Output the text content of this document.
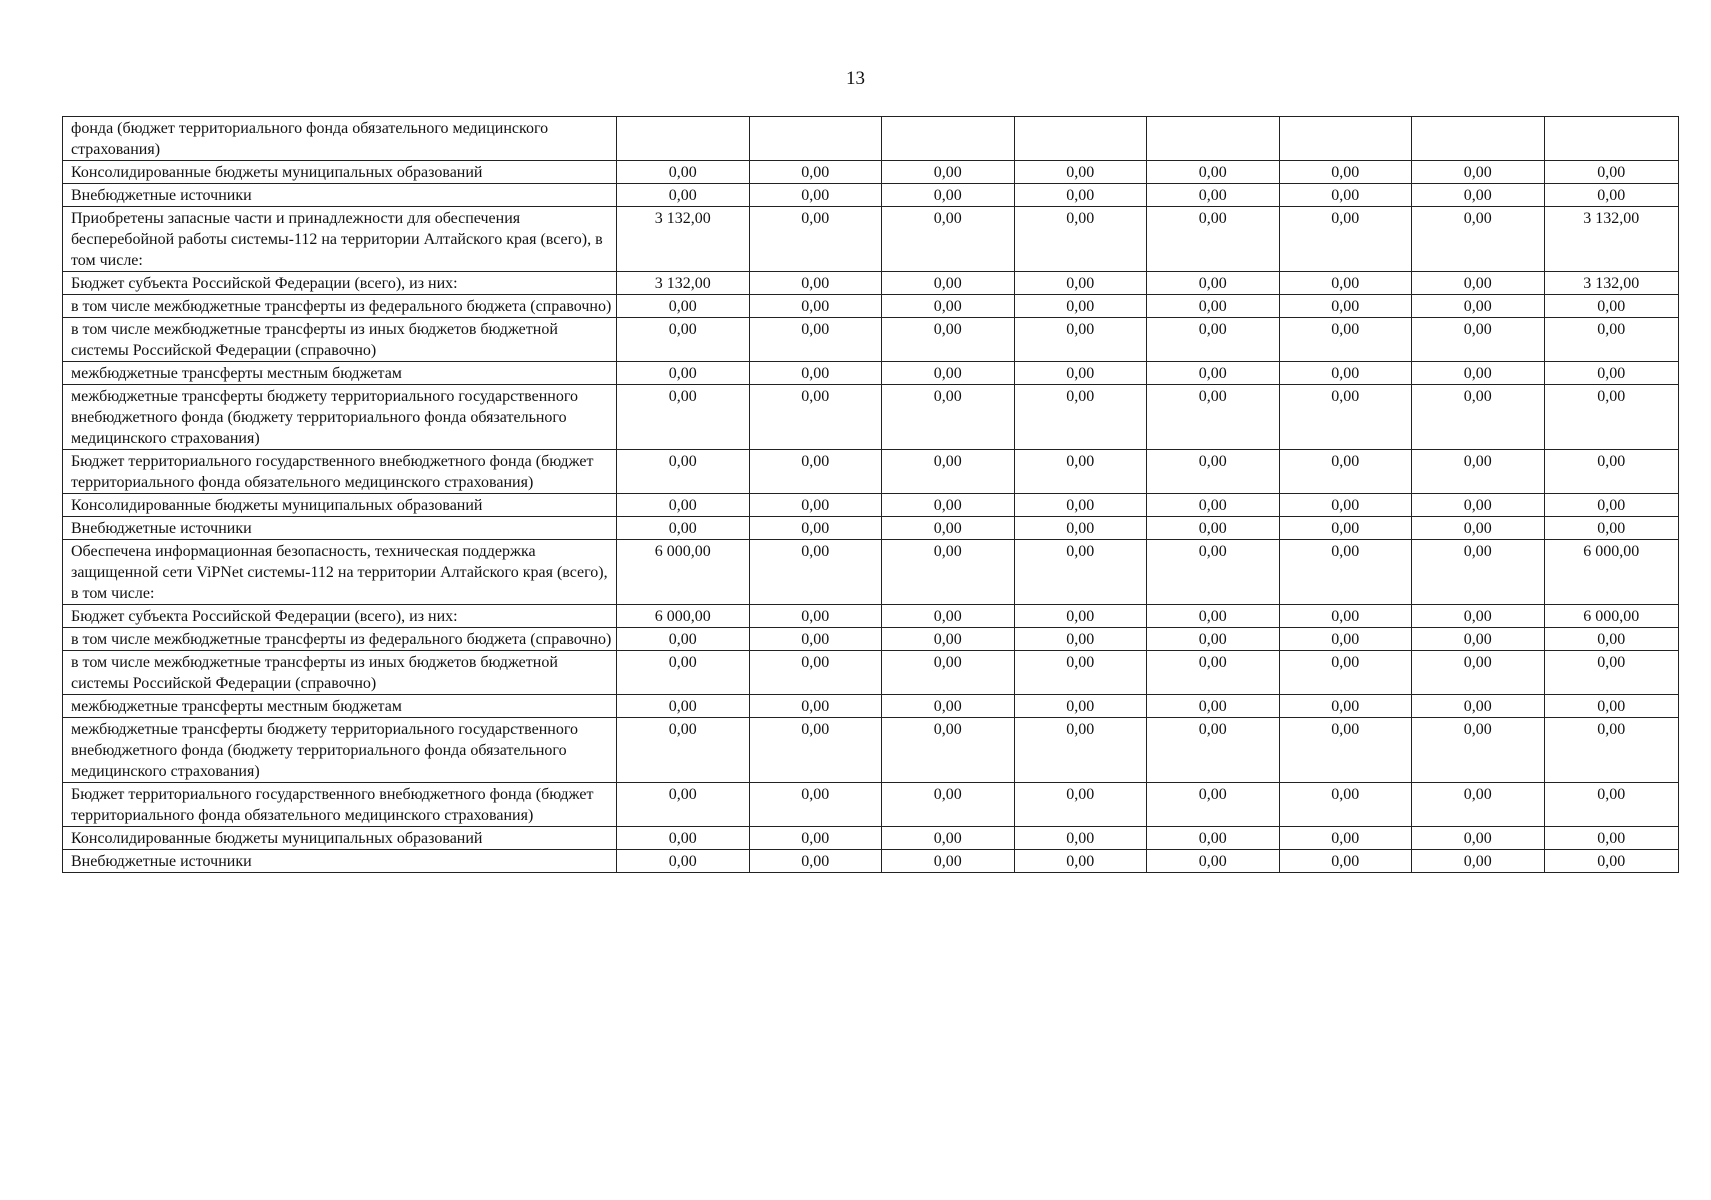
13
фонда (бюджет территориального фонда обязательного медицинского страхования)								
Консолидированные бюджеты муниципальных образований	0,00	0,00	0,00	0,00	0,00	0,00	0,00	0,00
Внебюджетные источники	0,00	0,00	0,00	0,00	0,00	0,00	0,00	0,00
Приобретены запасные части и принадлежности для обеспечения бесперебойной работы системы-112 на территории Алтайского края (всего), в том числе:	3 132,00	0,00	0,00	0,00	0,00	0,00	0,00	3 132,00
Бюджет субъекта Российской Федерации (всего), из них:	3 132,00	0,00	0,00	0,00	0,00	0,00	0,00	3 132,00
в том числе межбюджетные трансферты из федерального бюджета (справочно)	0,00	0,00	0,00	0,00	0,00	0,00	0,00	0,00
в том числе межбюджетные трансферты из иных бюджетов бюджетной системы Российской Федерации (справочно)	0,00	0,00	0,00	0,00	0,00	0,00	0,00	0,00
межбюджетные трансферты местным бюджетам	0,00	0,00	0,00	0,00	0,00	0,00	0,00	0,00
межбюджетные трансферты бюджету территориального государственного внебюджетного фонда (бюджету территориального фонда обязательного медицинского страхования)	0,00	0,00	0,00	0,00	0,00	0,00	0,00	0,00
Бюджет территориального государственного внебюджетного фонда (бюджет территориального фонда обязательного медицинского страхования)	0,00	0,00	0,00	0,00	0,00	0,00	0,00	0,00
Консолидированные бюджеты муниципальных образований	0,00	0,00	0,00	0,00	0,00	0,00	0,00	0,00
Внебюджетные источники	0,00	0,00	0,00	0,00	0,00	0,00	0,00	0,00
Обеспечена информационная безопасность, техническая поддержка защищенной сети ViPNet системы-112 на территории Алтайского края (всего), в том числе:	6 000,00	0,00	0,00	0,00	0,00	0,00	0,00	6 000,00
Бюджет субъекта Российской Федерации (всего), из них:	6 000,00	0,00	0,00	0,00	0,00	0,00	0,00	6 000,00
в том числе межбюджетные трансферты из федерального бюджета (справочно)	0,00	0,00	0,00	0,00	0,00	0,00	0,00	0,00
в том числе межбюджетные трансферты из иных бюджетов бюджетной системы Российской Федерации (справочно)	0,00	0,00	0,00	0,00	0,00	0,00	0,00	0,00
межбюджетные трансферты местным бюджетам	0,00	0,00	0,00	0,00	0,00	0,00	0,00	0,00
межбюджетные трансферты бюджету территориального государственного внебюджетного фонда (бюджету территориального фонда обязательного медицинского страхования)	0,00	0,00	0,00	0,00	0,00	0,00	0,00	0,00
Бюджет территориального государственного внебюджетного фонда (бюджет территориального фонда обязательного медицинского страхования)	0,00	0,00	0,00	0,00	0,00	0,00	0,00	0,00
Консолидированные бюджеты муниципальных образований	0,00	0,00	0,00	0,00	0,00	0,00	0,00	0,00
Внебюджетные источники	0,00	0,00	0,00	0,00	0,00	0,00	0,00	0,00
